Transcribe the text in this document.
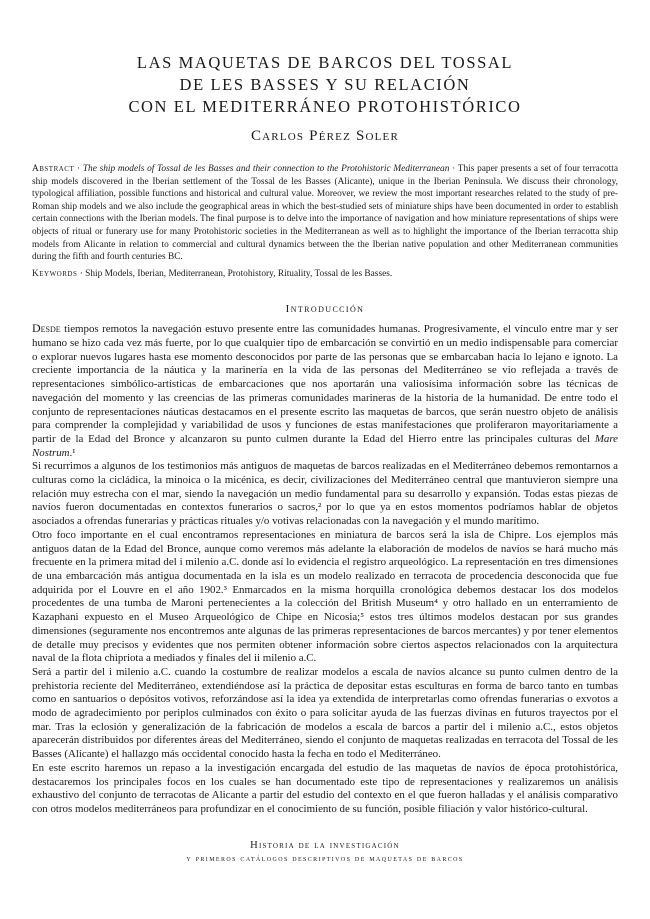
LAS MAQUETAS DE BARCOS DEL TOSSAL
DE LES BASSES Y SU RELACIÓN
CON EL MEDITERRÁNEO PROTOHISTÓRICO
Carlos Pérez Soler
Abstract · The ship models of Tossal de les Basses and their connection to the Protohistoric Mediterranean · This paper presents a set of four terracotta ship models discovered in the Iberian settlement of the Tossal de les Basses (Alicante), unique in the Iberian Peninsula. We discuss their chronology, typological affiliation, possible functions and historical and cultural value. Moreover, we review the most important researches related to the study of pre-Roman ship models and we also include the geographical areas in which the best-studied sets of miniature ships have been documented in order to establish certain connections with the Iberian models. The final purpose is to delve into the importance of navigation and how miniature representations of ships were objects of ritual or funerary use for many Protohistoric societies in the Mediterranean as well as to highlight the importance of the Iberian terracotta ship models from Alicante in relation to commercial and cultural dynamics between the the Iberian native population and other Mediterranean communities during the fifth and fourth centuries BC.
Keywords · Ship Models, Iberian, Mediterranean, Protohistory, Rituality, Tossal de les Basses.
Introducción

Desde tiempos remotos la navegación estuvo presente entre las comunidades humanas. Progresivamente, el vínculo entre mar y ser humano se hizo cada vez más fuerte, por lo que cualquier tipo de embarcación se convirtió en un medio indispensable para comerciar o explorar nuevos lugares hasta ese momento desconocidos por parte de las personas que se embarcaban hacia lo lejano e ignoto. La creciente importancia de la náutica y la marinería en la vida de las personas del Mediterráneo se vio reflejada a través de representaciones simbólico-artísticas de embarcaciones que nos aportarán una valiosísima información sobre las técnicas de navegación del momento y las creencias de las primeras comunidades marineras de la historia de la humanidad. De entre todo el conjunto de representaciones náuticas destacamos en el presente escrito las maquetas de barcos, que serán nuestro objeto de análisis para comprender la complejidad y variabilidad de usos y funciones de estas manifestaciones que proliferaron mayoritariamente a partir de la Edad del Bronce y alcanzaron su punto culmen durante la Edad del Hierro entre las principales culturas del Mare Nostrum.¹

Si recurrimos a algunos de los testimonios más antiguos de maquetas de barcos realizadas en el Mediterráneo debemos remontarnos a culturas como la cicládica, la minoica o la micénica, es decir, civilizaciones del Mediterráneo central que mantuvieron siempre una relación muy estrecha con el mar, siendo la navegación un medio fundamental para su desarrollo y expansión. Todas estas piezas de navíos fueron documentadas en contextos funerarios o sacros,² por lo que ya en estos momentos podríamos hablar de objetos asociados a ofrendas funerarias y prácticas rituales y/o votivas relacionadas con la navegación y el mundo marítimo.

Otro foco importante en el cual encontramos representaciones en miniatura de barcos será la isla de Chipre. Los ejemplos más antiguos datan de la Edad del Bronce, aunque como veremos más adelante la elaboración de modelos de navíos se hará mucho más frecuente en la primera mitad del i milenio a.C. donde así lo evidencia el registro arqueológico. La representación en tres dimensiones de una embarcación más antigua documentada en la isla es un modelo realizado en terracota de procedencia desconocida que fue adquirida por el Louvre en el año 1902.³ Enmarcados en la misma horquilla cronológica debemos destacar los dos modelos procedentes de una tumba de Maroni pertenecientes a la colección del British Museum⁴ y otro hallado en un enterramiento de Kazaphani expuesto en el Museo Arqueológico de Chipe en Nicosia;⁵ estos tres últimos modelos destacan por sus grandes dimensiones (seguramente nos encontremos ante algunas de las primeras representaciones de barcos mercantes) y por tener elementos de detalle muy precisos y evidentes que nos permiten obtener información sobre ciertos aspectos relacionados con la arquitectura naval de la flota chipriota a mediados y finales del ii milenio a.C.

Será a partir del i milenio a.C. cuando la costumbre de realizar modelos a escala de navíos alcance su punto culmen dentro de la prehistoria reciente del Mediterráneo, extendiéndose así la práctica de depositar estas esculturas en forma de barco tanto en tumbas como en santuarios o depósitos votivos, reforzándose así la idea ya extendida de interpretarlas como ofrendas funerarias o exvotos a modo de agradecimiento por periplos culminados con éxito o para solicitar ayuda de las fuerzas divinas en futuros trayectos por el mar. Tras la eclosión y generalización de la fabricación de modelos a escala de barcos a partir del i milenio a.C., estos objetos aparecerán distribuidos por diferentes áreas del Mediterráneo, siendo el conjunto de maquetas realizadas en terracota del Tossal de les Basses (Alicante) el hallazgo más occidental conocido hasta la fecha en todo el Mediterráneo.

En este escrito haremos un repaso a la investigación encargada del estudio de las maquetas de navíos de época protohistórica, destacaremos los principales focos en los cuales se han documentado este tipo de representaciones y realizaremos un análisis exhaustivo del conjunto de terracotas de Alicante a partir del estudio del contexto en el que fueron halladas y el análisis comparativo con otros modelos mediterráneos para profundizar en el conocimiento de su función, posible filiación y valor histórico-cultural.

Historia de la investigación
y primeros catálogos descriptivos de maquetas de barcos
